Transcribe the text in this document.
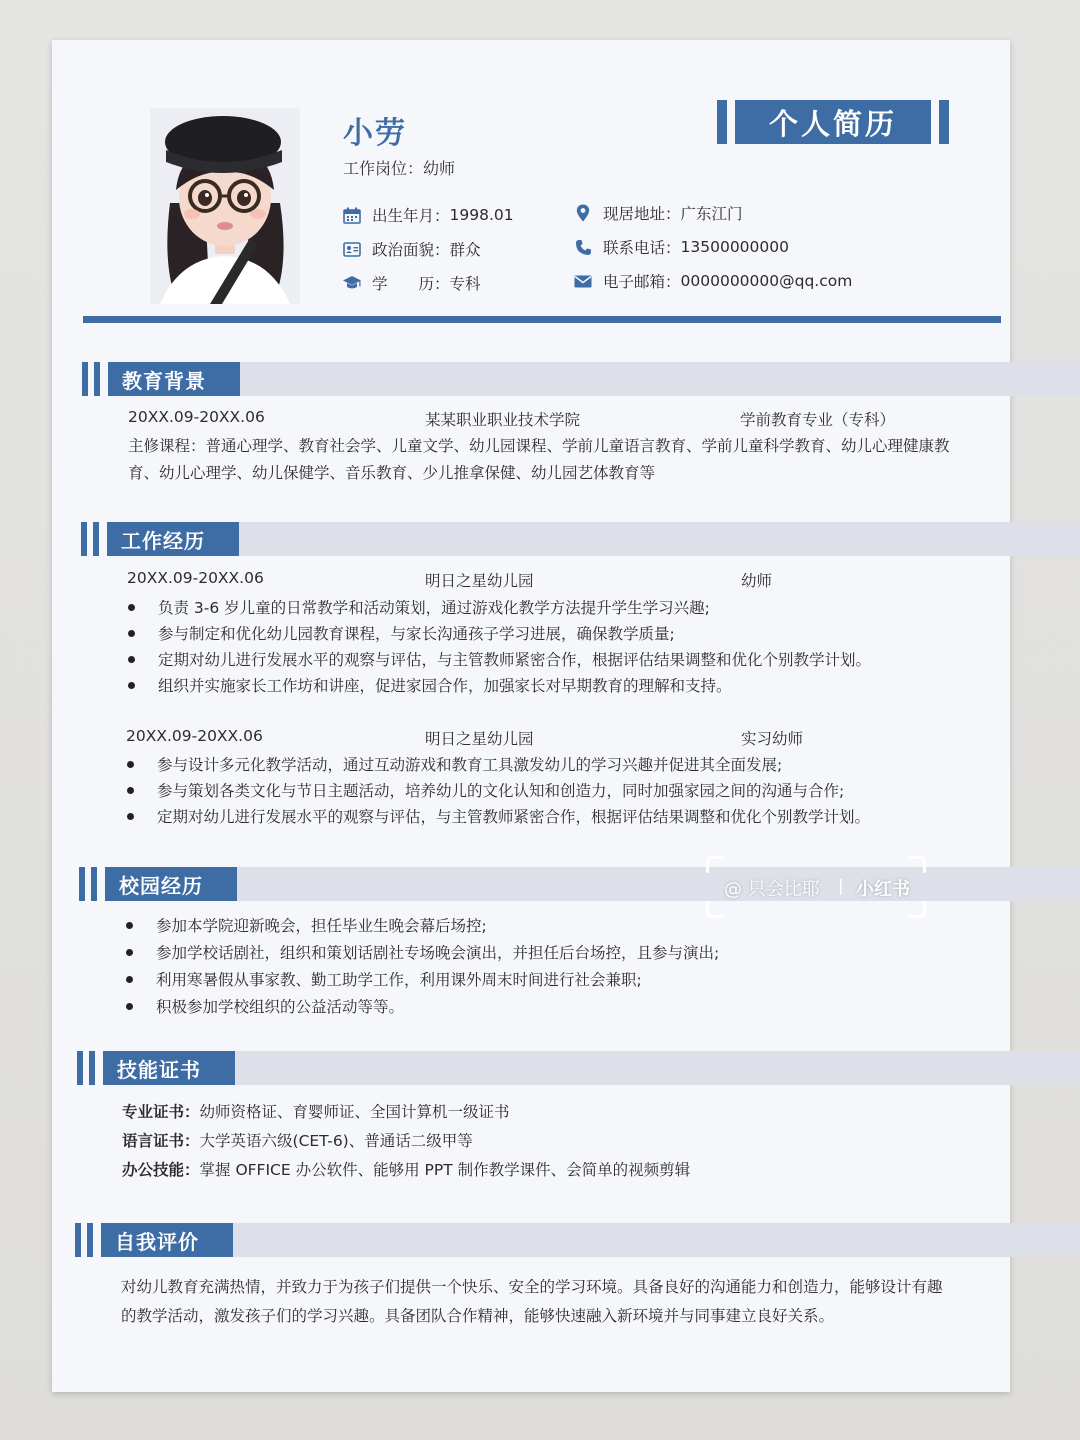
小劳
工作岗位：幼师
个人简历
出生年月： 1998.01
政治面貌： 群众
学　　历： 专科
现居地址： 广东江门
联系电话： 13500000000
电子邮箱： 0000000000@qq.com
教育背景
20XX.09-20XX.06	某某职业职业技术学院	学前教育专业（专科）
主修课程：普通心理学、教育社会学、儿童文学、幼儿园课程、学前儿童语言教育、学前儿童科学教育、幼儿心理健康教
育、幼儿心理学、幼儿保健学、音乐教育、少儿推拿保健、幼儿园艺体教育等
工作经历
20XX.09-20XX.06	明日之星幼儿园	幼师
负责 3-6 岁儿童的日常教学和活动策划，通过游戏化教学方法提升学生学习兴趣;
参与制定和优化幼儿园教育课程，与家长沟通孩子学习进展，确保教学质量;
定期对幼儿进行发展水平的观察与评估，与主管教师紧密合作，根据评估结果调整和优化个别教学计划。
组织并实施家长工作坊和讲座，促进家园合作，加强家长对早期教育的理解和支持。
20XX.09-20XX.06	明日之星幼儿园	实习幼师
参与设计多元化教学活动，通过互动游戏和教育工具激发幼儿的学习兴趣并促进其全面发展;
参与策划各类文化与节日主题活动，培养幼儿的文化认知和创造力，同时加强家园之间的沟通与合作;
定期对幼儿进行发展水平的观察与评估，与主管教师紧密合作，根据评估结果调整和优化个别教学计划。
校园经历
参加本学院迎新晚会，担任毕业生晚会幕后场控;
参加学校话剧社，组织和策划话剧社专场晚会演出，并担任后台场控，且参与演出;
利用寒暑假从事家教、勤工助学工作，利用课外周末时间进行社会兼职;
积极参加学校组织的公益活动等等。
技能证书
专业证书：幼师资格证、育婴师证、全国计算机一级证书
语言证书：大学英语六级(CET-6)、普通话二级甲等
办公技能：掌握 OFFICE 办公软件、能够用 PPT 制作教学课件、会简单的视频剪辑
自我评价
对幼儿教育充满热情，并致力于为孩子们提供一个快乐、安全的学习环境。具备良好的沟通能力和创造力，能够设计有趣
的教学活动，激发孩子们的学习兴趣。具备团队合作精神，能够快速融入新环境并与同事建立良好关系。
@ 只会比耶 | 小红书
